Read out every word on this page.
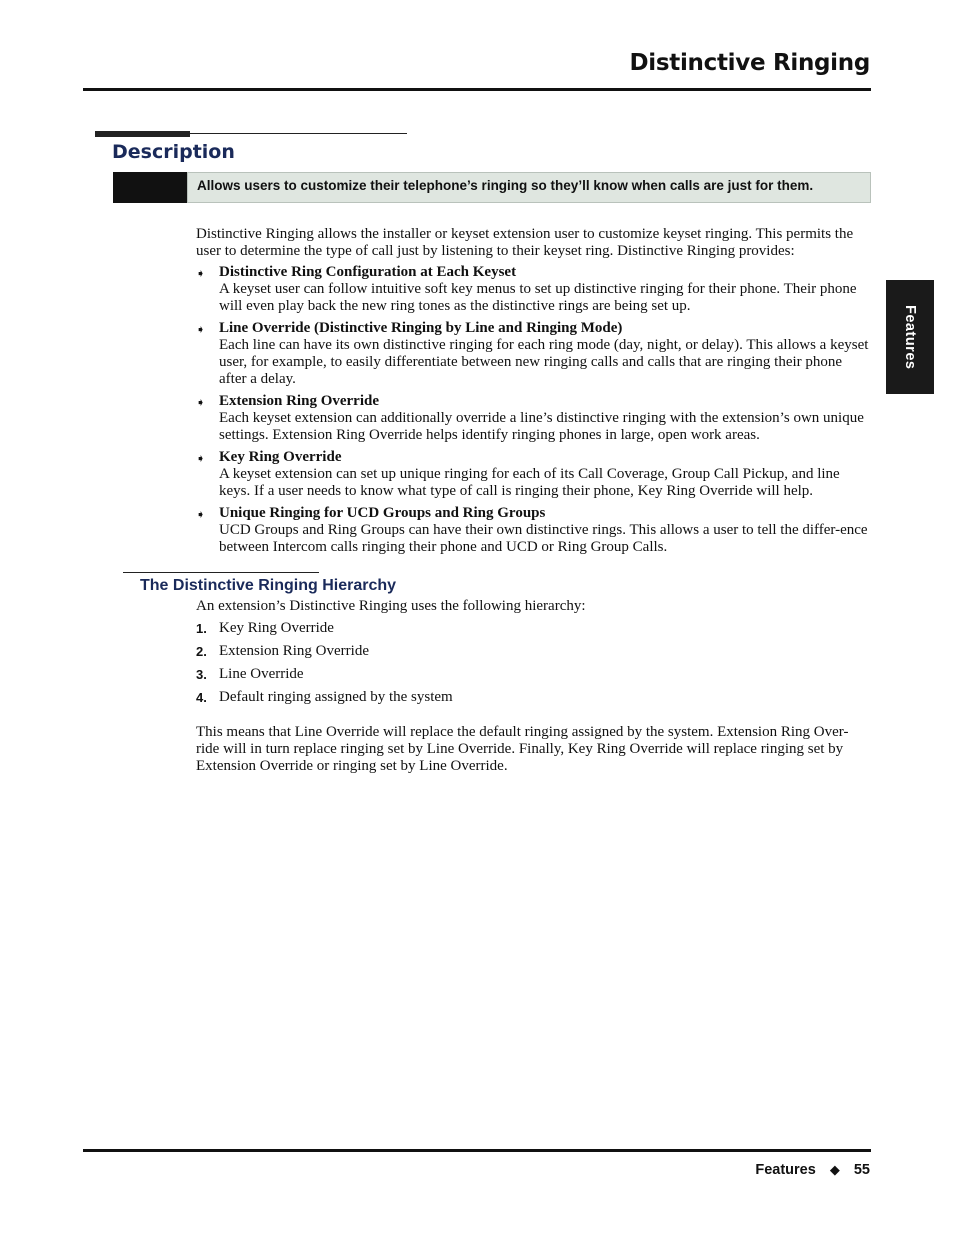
Distinctive Ringing
Features
Description
Allows users to customize their telephone’s ringing so they’ll know when calls are just for them.

Distinctive Ringing allows the installer or keyset extension user to customize keyset ringing. This permits the user to determine the type of call just by listening to their keyset ring. Distinctive Ringing provides:

➧ Distinctive Ring Configuration at Each Keyset
A keyset user can follow intuitive soft key menus to set up distinctive ringing for their phone. Their phone will even play back the new ring tones as the distinctive rings are being set up.
➧ Line Override (Distinctive Ringing by Line and Ringing Mode)
Each line can have its own distinctive ringing for each ring mode (day, night, or delay). This allows a keyset user, for example, to easily differentiate between new ringing calls and calls that are ringing their phone after a delay.
➧ Extension Ring Override
Each keyset extension can additionally override a line’s distinctive ringing with the extension’s own unique settings. Extension Ring Override helps identify ringing phones in large, open work areas.
➧ Key Ring Override
A keyset extension can set up unique ringing for each of its Call Coverage, Group Call Pickup, and line keys. If a user needs to know what type of call is ringing their phone, Key Ring Override will help.
➧ Unique Ringing for UCD Groups and Ring Groups
UCD Groups and Ring Groups can have their own distinctive rings. This allows a user to tell the differ-ence between Intercom calls ringing their phone and UCD or Ring Group Calls.
The Distinctive Ringing Hierarchy

An extension’s Distinctive Ringing uses the following hierarchy:

1. Key Ring Override
2. Extension Ring Override
3. Line Override
4. Default ringing assigned by the system

This means that Line Override will replace the default ringing assigned by the system. Extension Ring Over-ride will in turn replace ringing set by Line Override. Finally, Key Ring Override will replace ringing set by Extension Override or ringing set by Line Override.

Features ◆ 55
